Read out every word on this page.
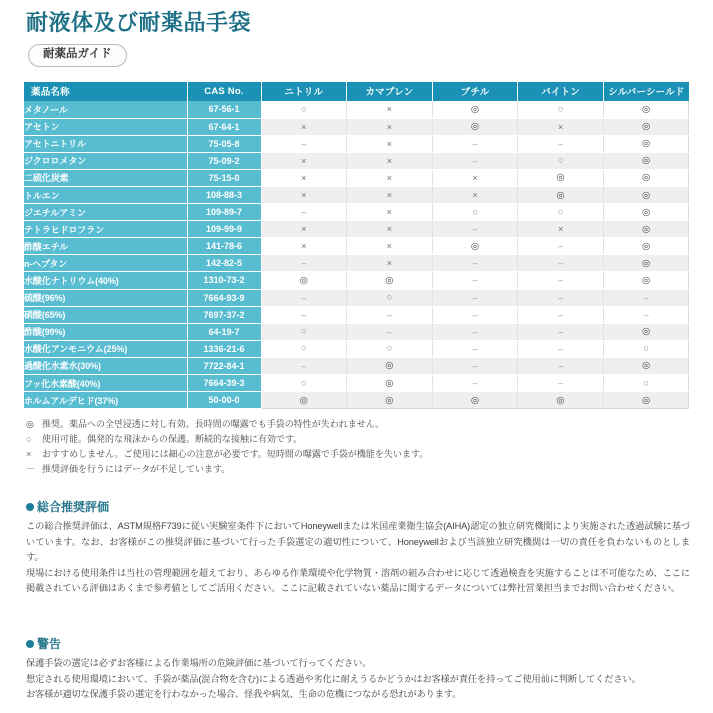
耐液体及び耐薬品手袋
耐薬品ガイド
薬品名称	CAS No.	ニトリル	カマプレン	ブチル	バイトン	シルバーシールド
メタノール	67-56-1	○	×	◎	○	◎
アセトン	67-64-1	×	×	◎	×	◎
アセトニトリル	75-05-8	–	×	–	–	◎
ジクロロメタン	75-09-2	×	×	–	○	◎
二硫化炭素	75-15-0	×	×	×	◎	◎
トルエン	108-88-3	×	×	×	◎	◎
ジエチルアミン	109-89-7	–	×	○	○	◎
テトラヒドロフラン	109-99-9	×	×	–	×	◎
酢酸エチル	141-78-6	×	×	◎	–	◎
n-ヘプタン	142-82-5	–	×	–	–	◎
水酸化ナトリウム(40%)	1310-73-2	◎	◎	–	–	◎
硫酸(96%)	7664-93-9	–	○	–	–	–
硝酸(65%)	7697-37-2	–	–	–	–	–
酢酸(99%)	64-19-7	○	–	–	–	◎
水酸化アンモニウム(25%)	1336-21-6	○	○	–	–	○
過酸化水素水(30%)	7722-84-1	–	◎	–	–	◎
フッ化水素酸(40%)	7664-39-3	○	◎	–	–	○
ホルムアルデヒド(37%)	50-00-0	◎	◎	◎	◎	◎
◎ 推奨。薬品への全면浸透に対し有効。長時間の曝露でも手袋の特性が失われません。
○	使用可能。偶発的な飛沫からの保護。断続的な接触に有効です。
×	おすすめしません。ご使用には細心の注意が必要です。短時間の曝露で手袋が機能を失います。
－ 推奨評価を行うにはデータが不足しています。
総合推奨評価

この総合推奨評価は、ASTM規格F739に従い実験室条件下においてHoneywellまたは米国産業衛生協会(AIHA)認定の独立研究機関により実施された透過試験に基づいています。なお、お客様がこの推奨評価に基づいて行った手袋選定の適切性について、Honeywellおよび当該独立研究機関は一切の責任を負わないものとします。

現場における使用条件は当社の管理範囲を超えており、あらゆる作業環境や化学物質・溶剤の組み合わせに応じて透過検査を実施することは不可能なため、ここに掲載されている評価はあくまで参考値としてご活用ください。ここに記載されていない薬品に関するデータについては弊社営業担当までお問い合わせください。

警告

保護手袋の選定は必ずお客様による作業場所の危険評価に基づいて行ってください。

想定される使用環境において、手袋が薬品(混合物を含む)による透過や劣化に耐えうるかどうかはお客様が責任を持ってご使用前に判断してください。

お客様が適切な保護手袋の選定を行わなかった場合、怪我や病気、生命の危機につながる恐れがあります。
